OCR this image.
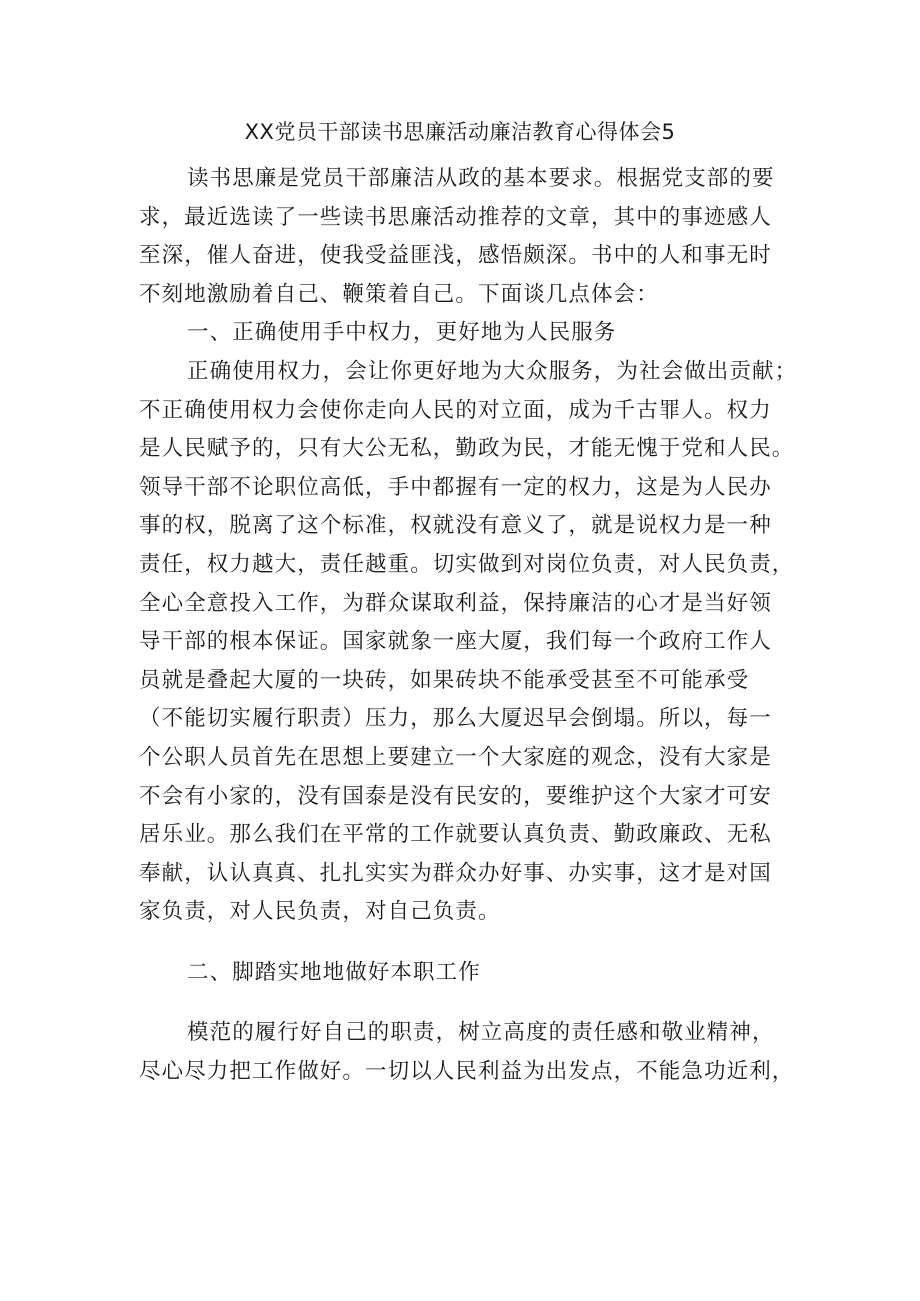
XX党员干部读书思廉活动廉洁教育心得体会5
读书思廉是党员干部廉洁从政的基本要求。根据党支部的要
求，最近选读了一些读书思廉活动推荐的文章，其中的事迹感人
至深，催人奋进，使我受益匪浅，感悟颇深。书中的人和事无时
不刻地激励着自己、鞭策着自己。下面谈几点体会：
一、正确使用手中权力，更好地为人民服务
正确使用权力，会让你更好地为大众服务，为社会做出贡献；
不正确使用权力会使你走向人民的对立面，成为千古罪人。权力
是人民赋予的，只有大公无私，勤政为民，才能无愧于党和人民。
领导干部不论职位高低，手中都握有一定的权力，这是为人民办
事的权，脱离了这个标准，权就没有意义了，就是说权力是一种
责任，权力越大，责任越重。切实做到对岗位负责，对人民负责，
全心全意投入工作，为群众谋取利益，保持廉洁的心才是当好领
导干部的根本保证。国家就象一座大厦，我们每一个政府工作人
员就是叠起大厦的一块砖，如果砖块不能承受甚至不可能承受
（不能切实履行职责）压力，那么大厦迟早会倒塌。所以，每一
个公职人员首先在思想上要建立一个大家庭的观念，没有大家是
不会有小家的，没有国泰是没有民安的，要维护这个大家才可安
居乐业。那么我们在平常的工作就要认真负责、勤政廉政、无私
奉献，认认真真、扎扎实实为群众办好事、办实事，这才是对国
家负责，对人民负责，对自己负责。
二、脚踏实地地做好本职工作
模范的履行好自己的职责，树立高度的责任感和敬业精神，
尽心尽力把工作做好。一切以人民利益为出发点，不能急功近利，
